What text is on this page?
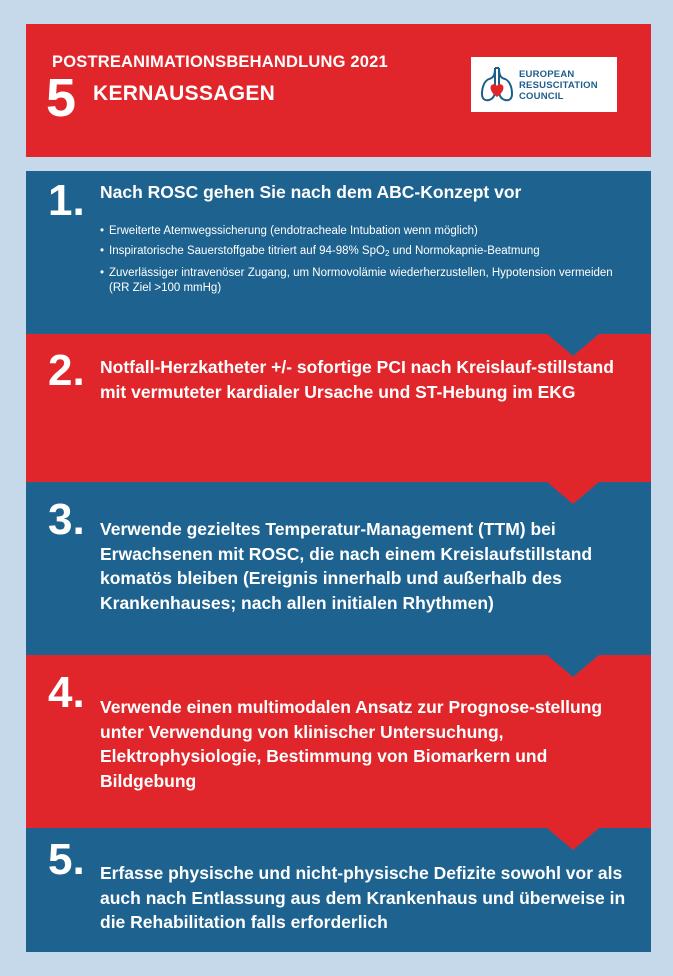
POSTREANIMATIONSBEHANDLUNG 2021
5 KERNAUSSAGEN
EUROPEAN
RESUSCITATION
COUNCIL
1. Nach ROSC gehen Sie nach dem ABC-Konzept vor
• Erweiterte Atemwegssicherung (endotracheale Intubation wenn möglich)
• Inspiratorische Sauerstoffgabe titriert auf 94-98% SpO$_2$ und Normokapnie-Beatmung
• Zuverlässiger intravenöser Zugang, um Normovolämie wiederherzustellen, Hypotension vermeiden (RR Ziel >100 mmHg)
2. Notfall-Herzkatheter +/- sofortige PCI nach Kreislauf-stillstand mit vermuteter kardialer Ursache und ST-Hebung im EKG
3. Verwende gezieltes Temperatur-Management (TTM) bei Erwachsenen mit ROSC, die nach einem Kreislaufstillstand komatös bleiben (Ereignis innerhalb und außerhalb des Krankenhauses; nach allen initialen Rhythmen)
4. Verwende einen multimodalen Ansatz zur Prognose-stellung unter Verwendung von klinischer Untersuchung, Elektrophysiologie, Bestimmung von Biomarkern und Bildgebung
5. Erfasse physische und nicht-physische Defizite sowohl vor als auch nach Entlassung aus dem Krankenhaus und überweise in die Rehabilitation falls erforderlich
